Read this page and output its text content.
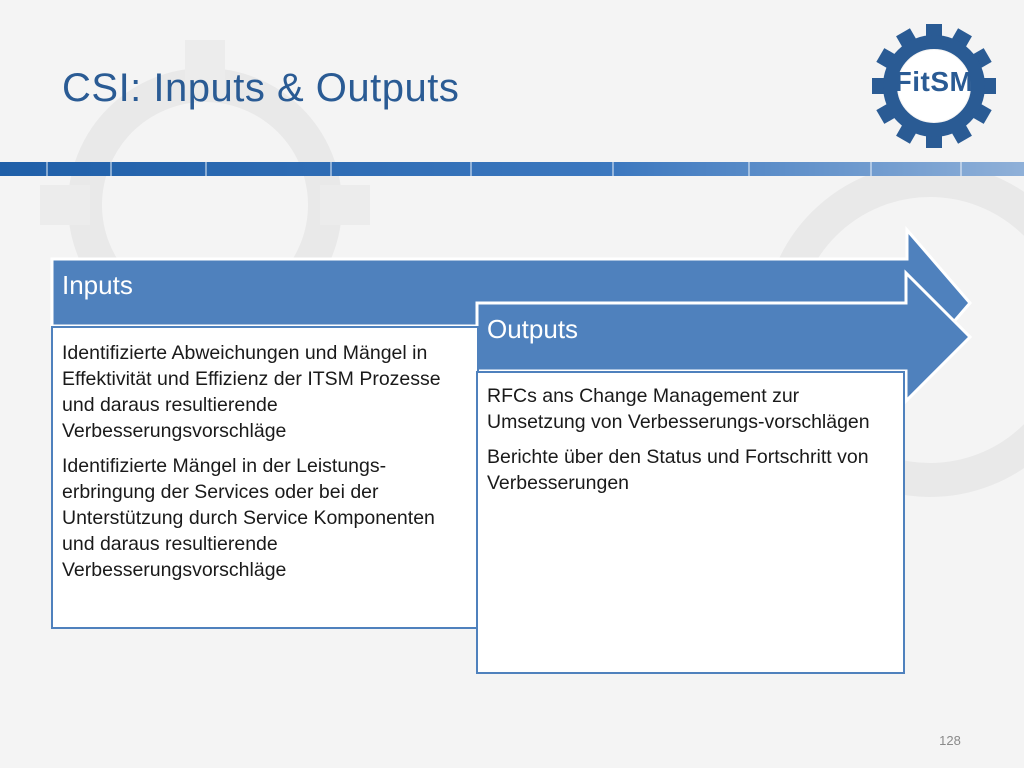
CSI: Inputs & Outputs	FitSM
Inputs

Identifizierte Abweichungen und Mängel in Effektivität und Effizienz der ITSM Prozesse und daraus resultierende Verbesserungsvorschläge

Identifizierte Mängel in der Leistungs-erbringung der Services oder bei der Unterstützung durch Service Komponenten und daraus resultierende Verbesserungsvorschläge

Outputs

RFCs ans Change Management zur Umsetzung von Verbesserungs-vorschlägen

Berichte über den Status und Fortschritt von Verbesserungen

128
